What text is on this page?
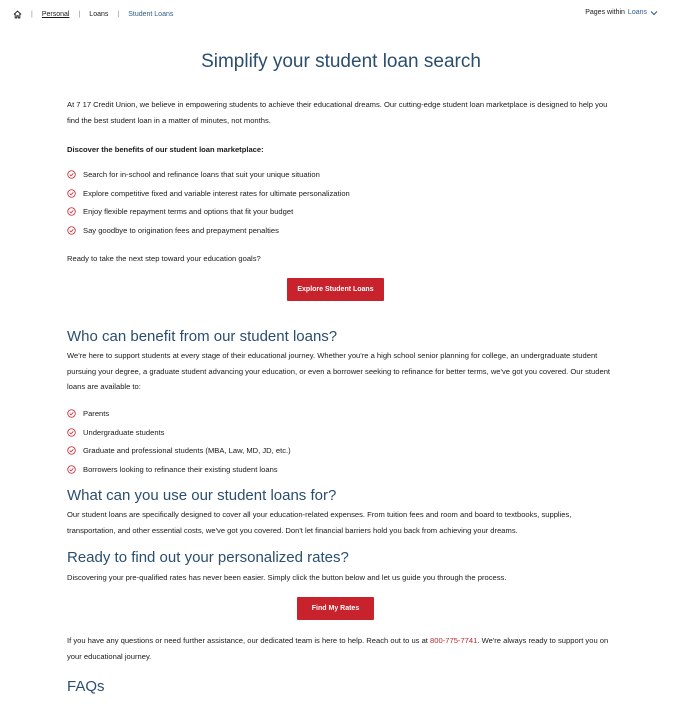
| Personal | Loans | Student Loans	Pages within Loans
Simplify your student loan search

At 7 17 Credit Union, we believe in empowering students to achieve their educational dreams. Our cutting-edge student loan marketplace is designed to help you find the best student loan in a matter of minutes, not months.

Discover the benefits of our student loan marketplace:

Search for in-school and refinance loans that suit your unique situation
Explore competitive fixed and variable interest rates for ultimate personalization
Enjoy flexible repayment terms and options that fit your budget
Say goodbye to origination fees and prepayment penalties

Ready to take the next step toward your education goals?

Explore Student Loans
Who can benefit from our student loans?

We're here to support students at every stage of their educational journey. Whether you're a high school senior planning for college, an undergraduate student pursuing your degree, a graduate student advancing your education, or even a borrower seeking to refinance for better terms, we've got you covered. Our student loans are available to:

Parents
Undergraduate students
Graduate and professional students (MBA, Law, MD, JD, etc.)
Borrowers looking to refinance their existing student loans
What can you use our student loans for?

Our student loans are specifically designed to cover all your education-related expenses. From tuition fees and room and board to textbooks, supplies, transportation, and other essential costs, we've got you covered. Don't let financial barriers hold you back from achieving your dreams.

Ready to find out your personalized rates?

Discovering your pre-qualified rates has never been easier. Simply click the button below and let us guide you through the process.

Find My Rates

If you have any questions or need further assistance, our dedicated team is here to help. Reach out to us at 800-775-7741. We're always ready to support you on your educational journey.

FAQs
